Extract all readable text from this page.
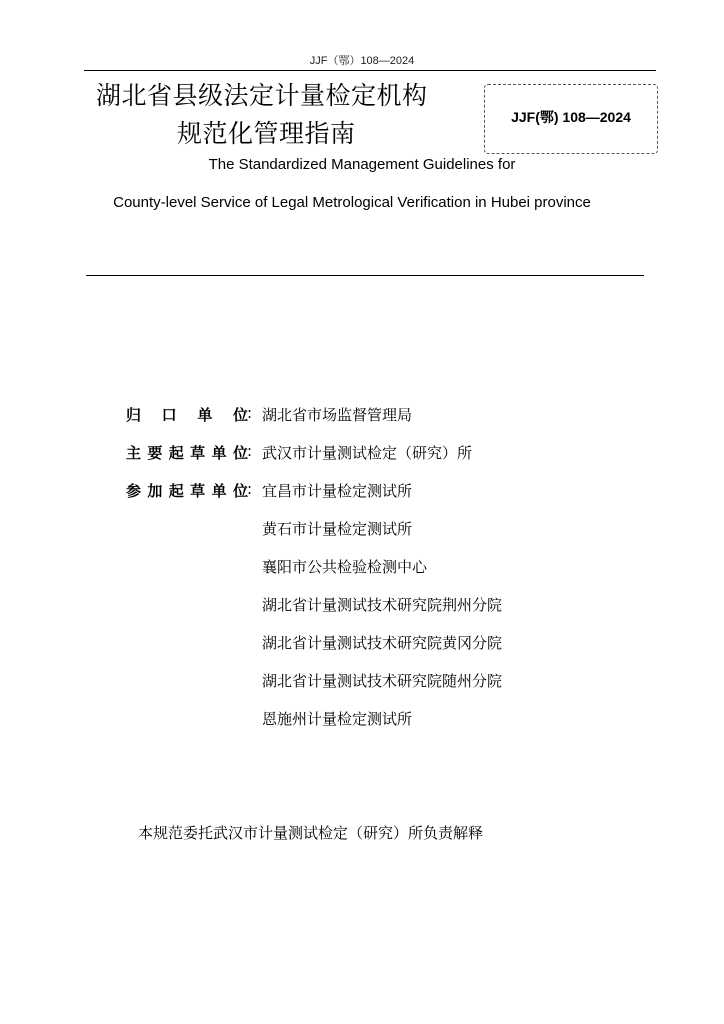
JJF（鄂）108—2024
湖北省县级法定计量检定机构
规范化管理指南
JJF(鄂) 108—2024
The Standardized Management Guidelines for
County-level Service of Legal Metrological Verification in Hubei province
归 口 单 位 : 湖北省市场监督管理局
主 要 起 草 单 位 : 武汉市计量测试检定（研究）所
参 加 起 草 单 位 : 宜昌市计量检定测试所
黄石市计量检定测试所
襄阳市公共检验检测中心
湖北省计量测试技术研究院荆州分院
湖北省计量测试技术研究院黄冈分院
湖北省计量测试技术研究院随州分院
恩施州计量检定测试所
本规范委托武汉市计量测试检定（研究）所负责解释
